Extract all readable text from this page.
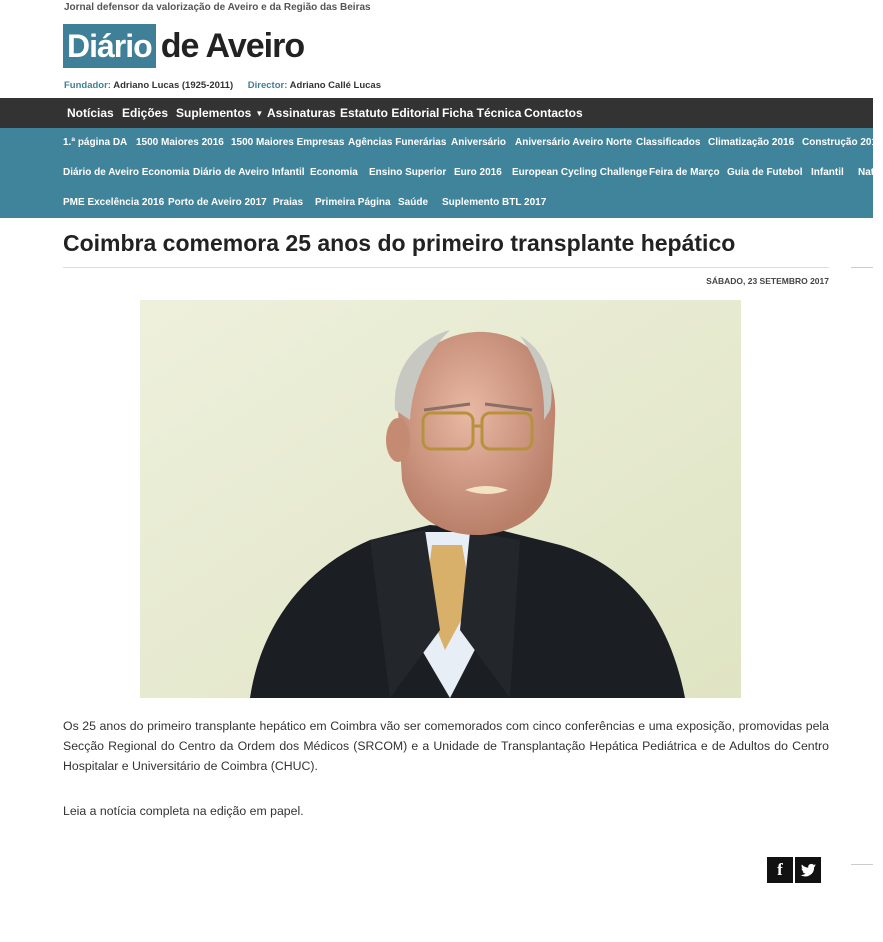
Jornal defensor da valorização de Aveiro e da Região das Beiras
Diário de Aveiro
Fundador: Adriano Lucas (1925-2011) Director: Adriano Callé Lucas
Notícias Edições Suplementos ▼ Assinaturas Estatuto Editorial Ficha Técnica Contactos
1.ª página DA 1500 Maiores 2016 1500 Maiores Empresas Agências Funerárias Aniversário Aniversário Aveiro Norte Classificados Climatização 2016 Construção 2016
Diário de Aveiro Economia Diário de Aveiro Infantil Economia Ensino Superior Euro 2016 European Cycling Challenge Feira de Março Guia de Futebol Infantil Natal
PME Excelência 2016 Porto de Aveiro 2017 Praias Primeira Página Saúde Suplemento BTL 2017
Coimbra comemora 25 anos do primeiro transplante hepático
SÁBADO, 23 SETEMBRO 2017
Os 25 anos do primeiro transplante hepático em Coimbra vão ser comemorados com cinco conferências e uma exposição, promovidas pela Secção Regional do Centro da Ordem dos Médicos (SRCOM) e a Unidade de Transplantação Hepática Pediátrica e de Adultos do Centro Hospitalar e Universitário de Coimbra (CHUC).
Leia a notícia completa na edição em papel.
f
